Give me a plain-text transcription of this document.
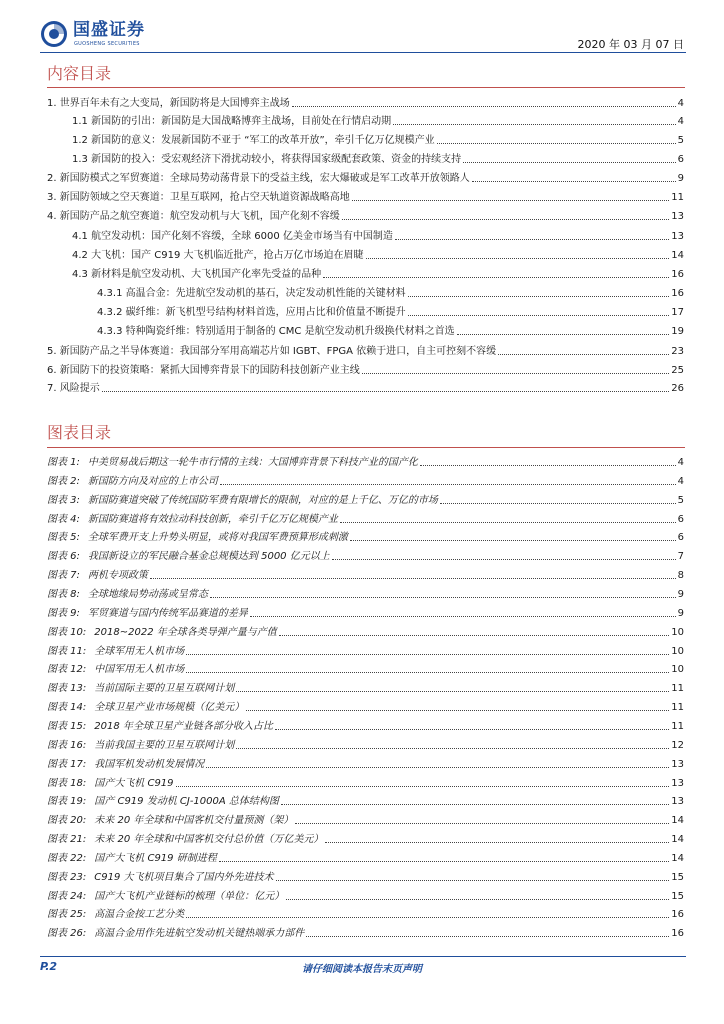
国盛证券
GUOSHENG SECURITIES	2020 年 03 月 07 日
内容目录
1. 世界百年未有之大变局，新国防将是大国博弈主战场	4
1.1 新国防的引出：新国防是大国战略博弈主战场，目前处在行情启动期	4
1.2 新国防的意义：发展新国防不亚于 “军工的改革开放”，牵引千亿万亿规模产业	5
1.3 新国防的投入：受宏观经济下滑扰动较小，将获得国家级配套政策、资金的持续支持	6
2. 新国防模式之军贸赛道：全球局势动荡背景下的受益主线，宏大爆破或是军工改革开放领路人	9
3. 新国防领域之空天赛道：卫星互联网，抢占空天轨道资源战略高地	11
4. 新国防产品之航空赛道：航空发动机与大飞机，国产化刻不容缓	13
4.1 航空发动机：国产化刻不容缓，全球 6000 亿美金市场当有中国制造	13
4.2 大飞机：国产 C919 大飞机临近批产，抢占万亿市场迫在眉睫	14
4.3 新材料是航空发动机、大飞机国产化率先受益的品种	16
4.3.1 高温合金：先进航空发动机的基石，决定发动机性能的关键材料	16
4.3.2 碳纤维：新飞机型号结构材料首选，应用占比和价值量不断提升	17
4.3.3 特种陶瓷纤维：特别适用于制备的 CMC 是航空发动机升级换代材料之首选	19
5. 新国防产品之半导体赛道：我国部分军用高端芯片如 IGBT、FPGA 依赖于进口，自主可控刻不容缓	23
6. 新国防下的投资策略：紧抓大国博弈背景下的国防科技创新产业主线	25
7. 风险提示	26
图表目录
图表 1: 中美贸易战后期这一轮牛市行情的主线：大国博弈背景下科技产业的国产化	4
图表 2: 新国防方向及对应的上市公司	4
图表 3: 新国防赛道突破了传统国防军费有限增长的限制，对应的是上千亿、万亿的市场	5
图表 4: 新国防赛道将有效拉动科技创新，牵引千亿万亿规模产业	6
图表 5: 全球军费开支上升势头明显，或将对我国军费预算形成刺激	6
图表 6: 我国新设立的军民融合基金总规模达到 5000 亿元以上	7
图表 7: 两机专项政策	8
图表 8: 全球地缘局势动荡或呈常态	9
图表 9: 军贸赛道与国内传统军品赛道的差异	9
图表 10: 2018~2022 年全球各类导弹产量与产值	10
图表 11: 全球军用无人机市场	10
图表 12: 中国军用无人机市场	10
图表 13: 当前国际主要的卫星互联网计划	11
图表 14: 全球卫星产业市场规模（亿美元）	11
图表 15: 2018 年全球卫星产业链各部分收入占比	11
图表 16: 当前我国主要的卫星互联网计划	12
图表 17: 我国军机发动机发展情况	13
图表 18: 国产大飞机 C919	13
图表 19: 国产 C919 发动机 CJ-1000A 总体结构图	13
图表 20: 未来 20 年全球和中国客机交付量预测（架）	14
图表 21: 未来 20 年全球和中国客机交付总价值（万亿美元）	14
图表 22: 国产大飞机 C919 研制进程	14
图表 23: C919 大飞机项目集合了国内外先进技术	15
图表 24: 国产大飞机产业链标的梳理（单位：亿元）	15
图表 25: 高温合金按工艺分类	16
图表 26: 高温合金用作先进航空发动机关键热端承力部件	16
P.2	请仔细阅读本报告末页声明
